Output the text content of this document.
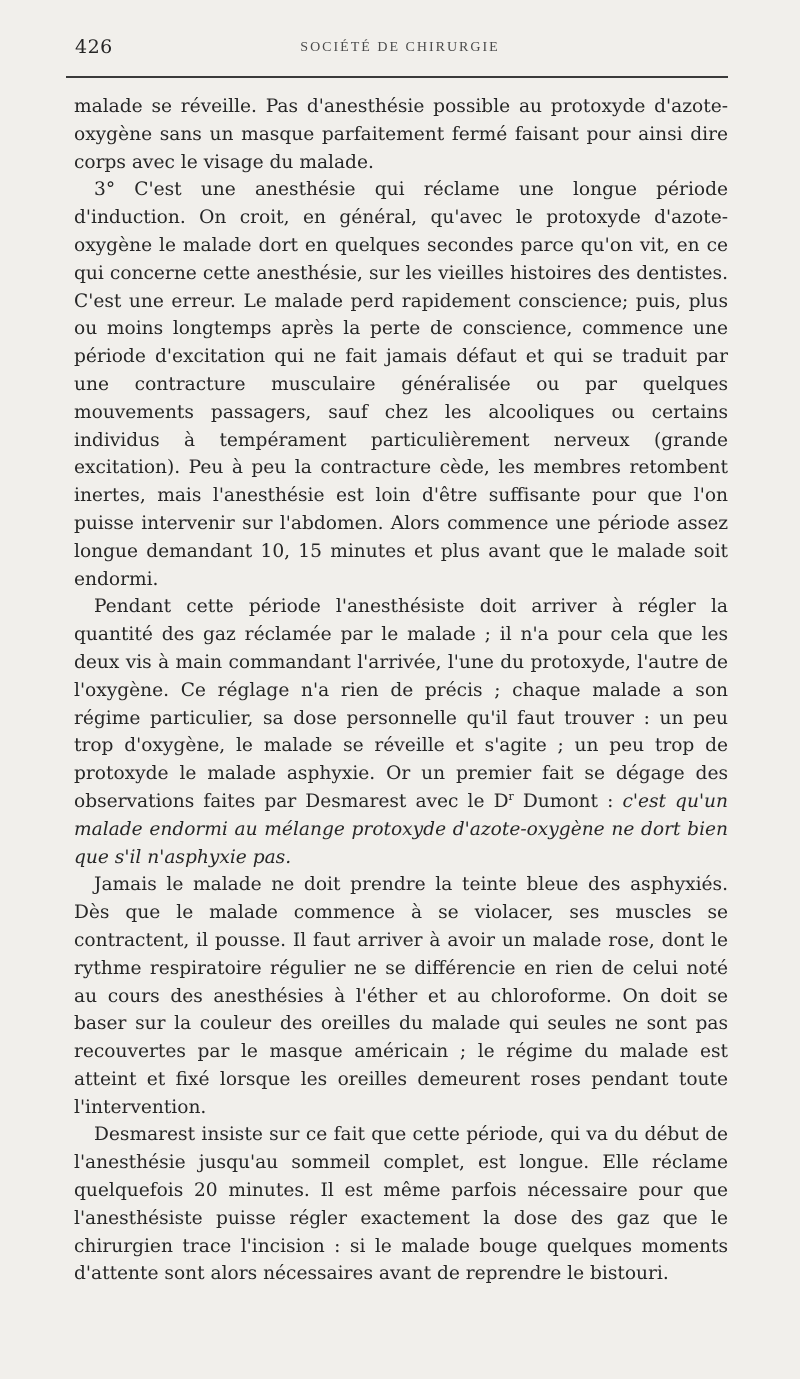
426	SOCIÉTÉ DE CHIRURGIE

malade se réveille. Pas d'anesthésie possible au protoxyde d'azote-oxygène sans un masque parfaitement fermé faisant pour ainsi dire corps avec le visage du malade.

3° C'est une anesthésie qui réclame une longue période d'induction. On croit, en général, qu'avec le protoxyde d'azote-oxygène le malade dort en quelques secondes parce qu'on vit, en ce qui concerne cette anesthésie, sur les vieilles histoires des dentistes. C'est une erreur. Le malade perd rapidement conscience; puis, plus ou moins longtemps après la perte de conscience, commence une période d'excitation qui ne fait jamais défaut et qui se traduit par une contracture musculaire généralisée ou par quelques mouvements passagers, sauf chez les alcooliques ou certains individus à tempérament particulièrement nerveux (grande excitation). Peu à peu la contracture cède, les membres retombent inertes, mais l'anesthésie est loin d'être suffisante pour que l'on puisse intervenir sur l'abdomen. Alors commence une période assez longue demandant 10, 15 minutes et plus avant que le malade soit endormi.

Pendant cette période l'anesthésiste doit arriver à régler la quantité des gaz réclamée par le malade ; il n'a pour cela que les deux vis à main commandant l'arrivée, l'une du protoxyde, l'autre de l'oxygène. Ce réglage n'a rien de précis ; chaque malade a son régime particulier, sa dose personnelle qu'il faut trouver : un peu trop d'oxygène, le malade se réveille et s'agite ; un peu trop de protoxyde le malade asphyxie. Or un premier fait se dégage des observations faites par Desmarest avec le $D^r$ Dumont : c'est qu'un malade endormi au mélange protoxyde d'azote-oxygène ne dort bien que s'il n'asphyxie pas.

Jamais le malade ne doit prendre la teinte bleue des asphyxiés. Dès que le malade commence à se violacer, ses muscles se contractent, il pousse. Il faut arriver à avoir un malade rose, dont le rythme respiratoire régulier ne se différencie en rien de celui noté au cours des anesthésies à l'éther et au chloroforme. On doit se baser sur la couleur des oreilles du malade qui seules ne sont pas recouvertes par le masque américain ; le régime du malade est atteint et fixé lorsque les oreilles demeurent roses pendant toute l'intervention.

Desmarest insiste sur ce fait que cette période, qui va du début de l'anesthésie jusqu'au sommeil complet, est longue. Elle réclame quelquefois 20 minutes. Il est même parfois nécessaire pour que l'anesthésiste puisse régler exactement la dose des gaz que le chirurgien trace l'incision : si le malade bouge quelques moments d'attente sont alors nécessaires avant de reprendre le bistouri.
